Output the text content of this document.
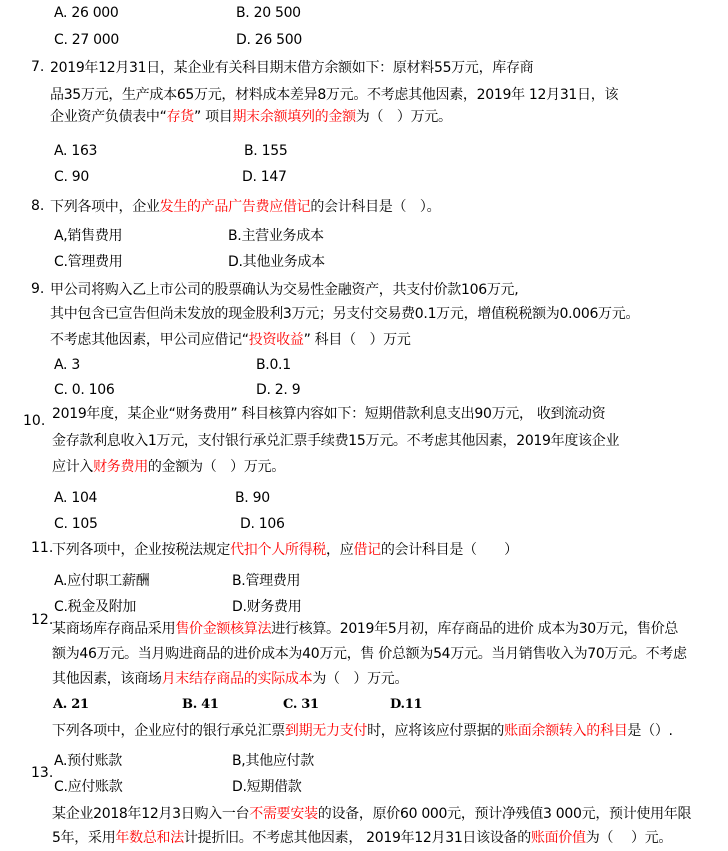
A. 26 000	B. 20 500
C. 27 000	D. 26 500
7. 2019年12月31日，某企业有关科目期末借方余额如下：原材料55万元，库存商
品35万元，生产成本65万元，材料成本差异8万元。不考虑其他因素，2019年 12月31日，该
企业资产负债表中“存货” 项目期末余额填列的金额为（　）万元。
A. 163	B. 155
C. 90	D. 147
8. 下列各项中，企业发生的产品广告费应借记的会计科目是（　）。
A,销售费用	B.主营业务成本
C.管理费用	D.其他业务成本
9. 甲公司将购入乙上市公司的股票确认为交易性金融资产，共支付价款106万元,
其中包含已宣告但尚未发放的现金股利3万元；另支付交易费0.1万元，增值税税额为0.006万元。
不考虑其他因素，甲公司应借记“投资收益” 科目（　）万元
A. 3	B.0.1
C. 0. 106	D. 2. 9
10. 2019年度，某企业“财务费用” 科目核算内容如下：短期借款利息支出90万元， 收到流动资
金存款利息收入1万元，支付银行承兑汇票手续费15万元。不考虑其他因素，2019年度该企业
应计入财务费用的金额为（　）万元。
A. 104	B. 90
C. 105	D. 106
11.
下列各项中，企业按税法规定代扣个人所得税，应借记的会计科目是（　　）
A.应付职工薪酬	B.管理费用
C.税金及附加	D.财务费用
12.
某商场库存商品采用售价金额核算法进行核算。2019年5月初，库存商品的进价 成本为30万元，售价总
额为46万元。当月购进商品的进价成本为40万元，售 价总额为54万元。当月销售收入为70万元。不考虑
其他因素，该商场月末结存商品的实际成本为（　）万元。
A. 21	B. 41	C. 31	D.11
下列各项中，企业应付的银行承兑汇票到期无力支付时，应将该应付票据的账面余额转入的科目是（）.
13.
A.预付账款	B,其他应付款
C.应付账款	D.短期借款
某企业2018年12月3日购入一台不需要安装的设备，原价60 000元，预计净残值3 000元，预计使用年限
5年，采用年数总和法计提折旧。不考虑其他因素， 2019年12月31日该设备的账面价值为（　 ）元。
